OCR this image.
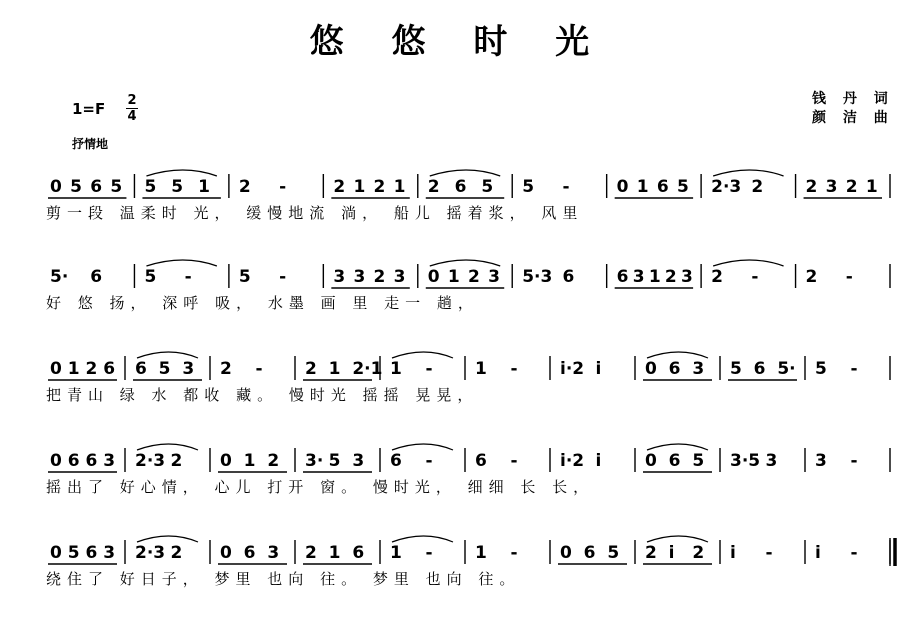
悠 悠 时 光
1=F 2
4
抒情地
钱 丹 词
颜 洁 曲
0 5 6 5 5 5 1 2 -	2 1 2 1 2 6 5 5 -	0 1 6 5 2·3 2 2 3 2 1
剪一段 温柔时 光， 缓慢地流 淌， 船儿 摇着浆， 风里
5· 6 5 -	5 -	3 3 2 3 0 1 2 3 5·3 6 6 3 1 2 3 2 -	2 -
好 悠 扬， 深呼 吸， 水墨 画 里 走一 趟，
0 1 2 6 6 5 3 2 - 2 1 2·1 1 - 1 - i·2 i	0 6 3 5 6 5· 5 -
把青山 绿 水 都收 藏。 慢时光 摇摇 晃晃，
0 6 6 3 2·3 2 0 1 2 3· 5 3 6 - 6 - i·2 i	0 6 5 3·5 3 3 -
摇出了 好心情， 心儿 打开 窗。 慢时光， 细细 长 长，
0 5 6 3 2·3 2 0 6 3 2 1 6 1 - 1 - 0 6 5 2 i 2 i - i -
绕住了 好日子， 梦里 也向 往。 梦里 也向 往。
